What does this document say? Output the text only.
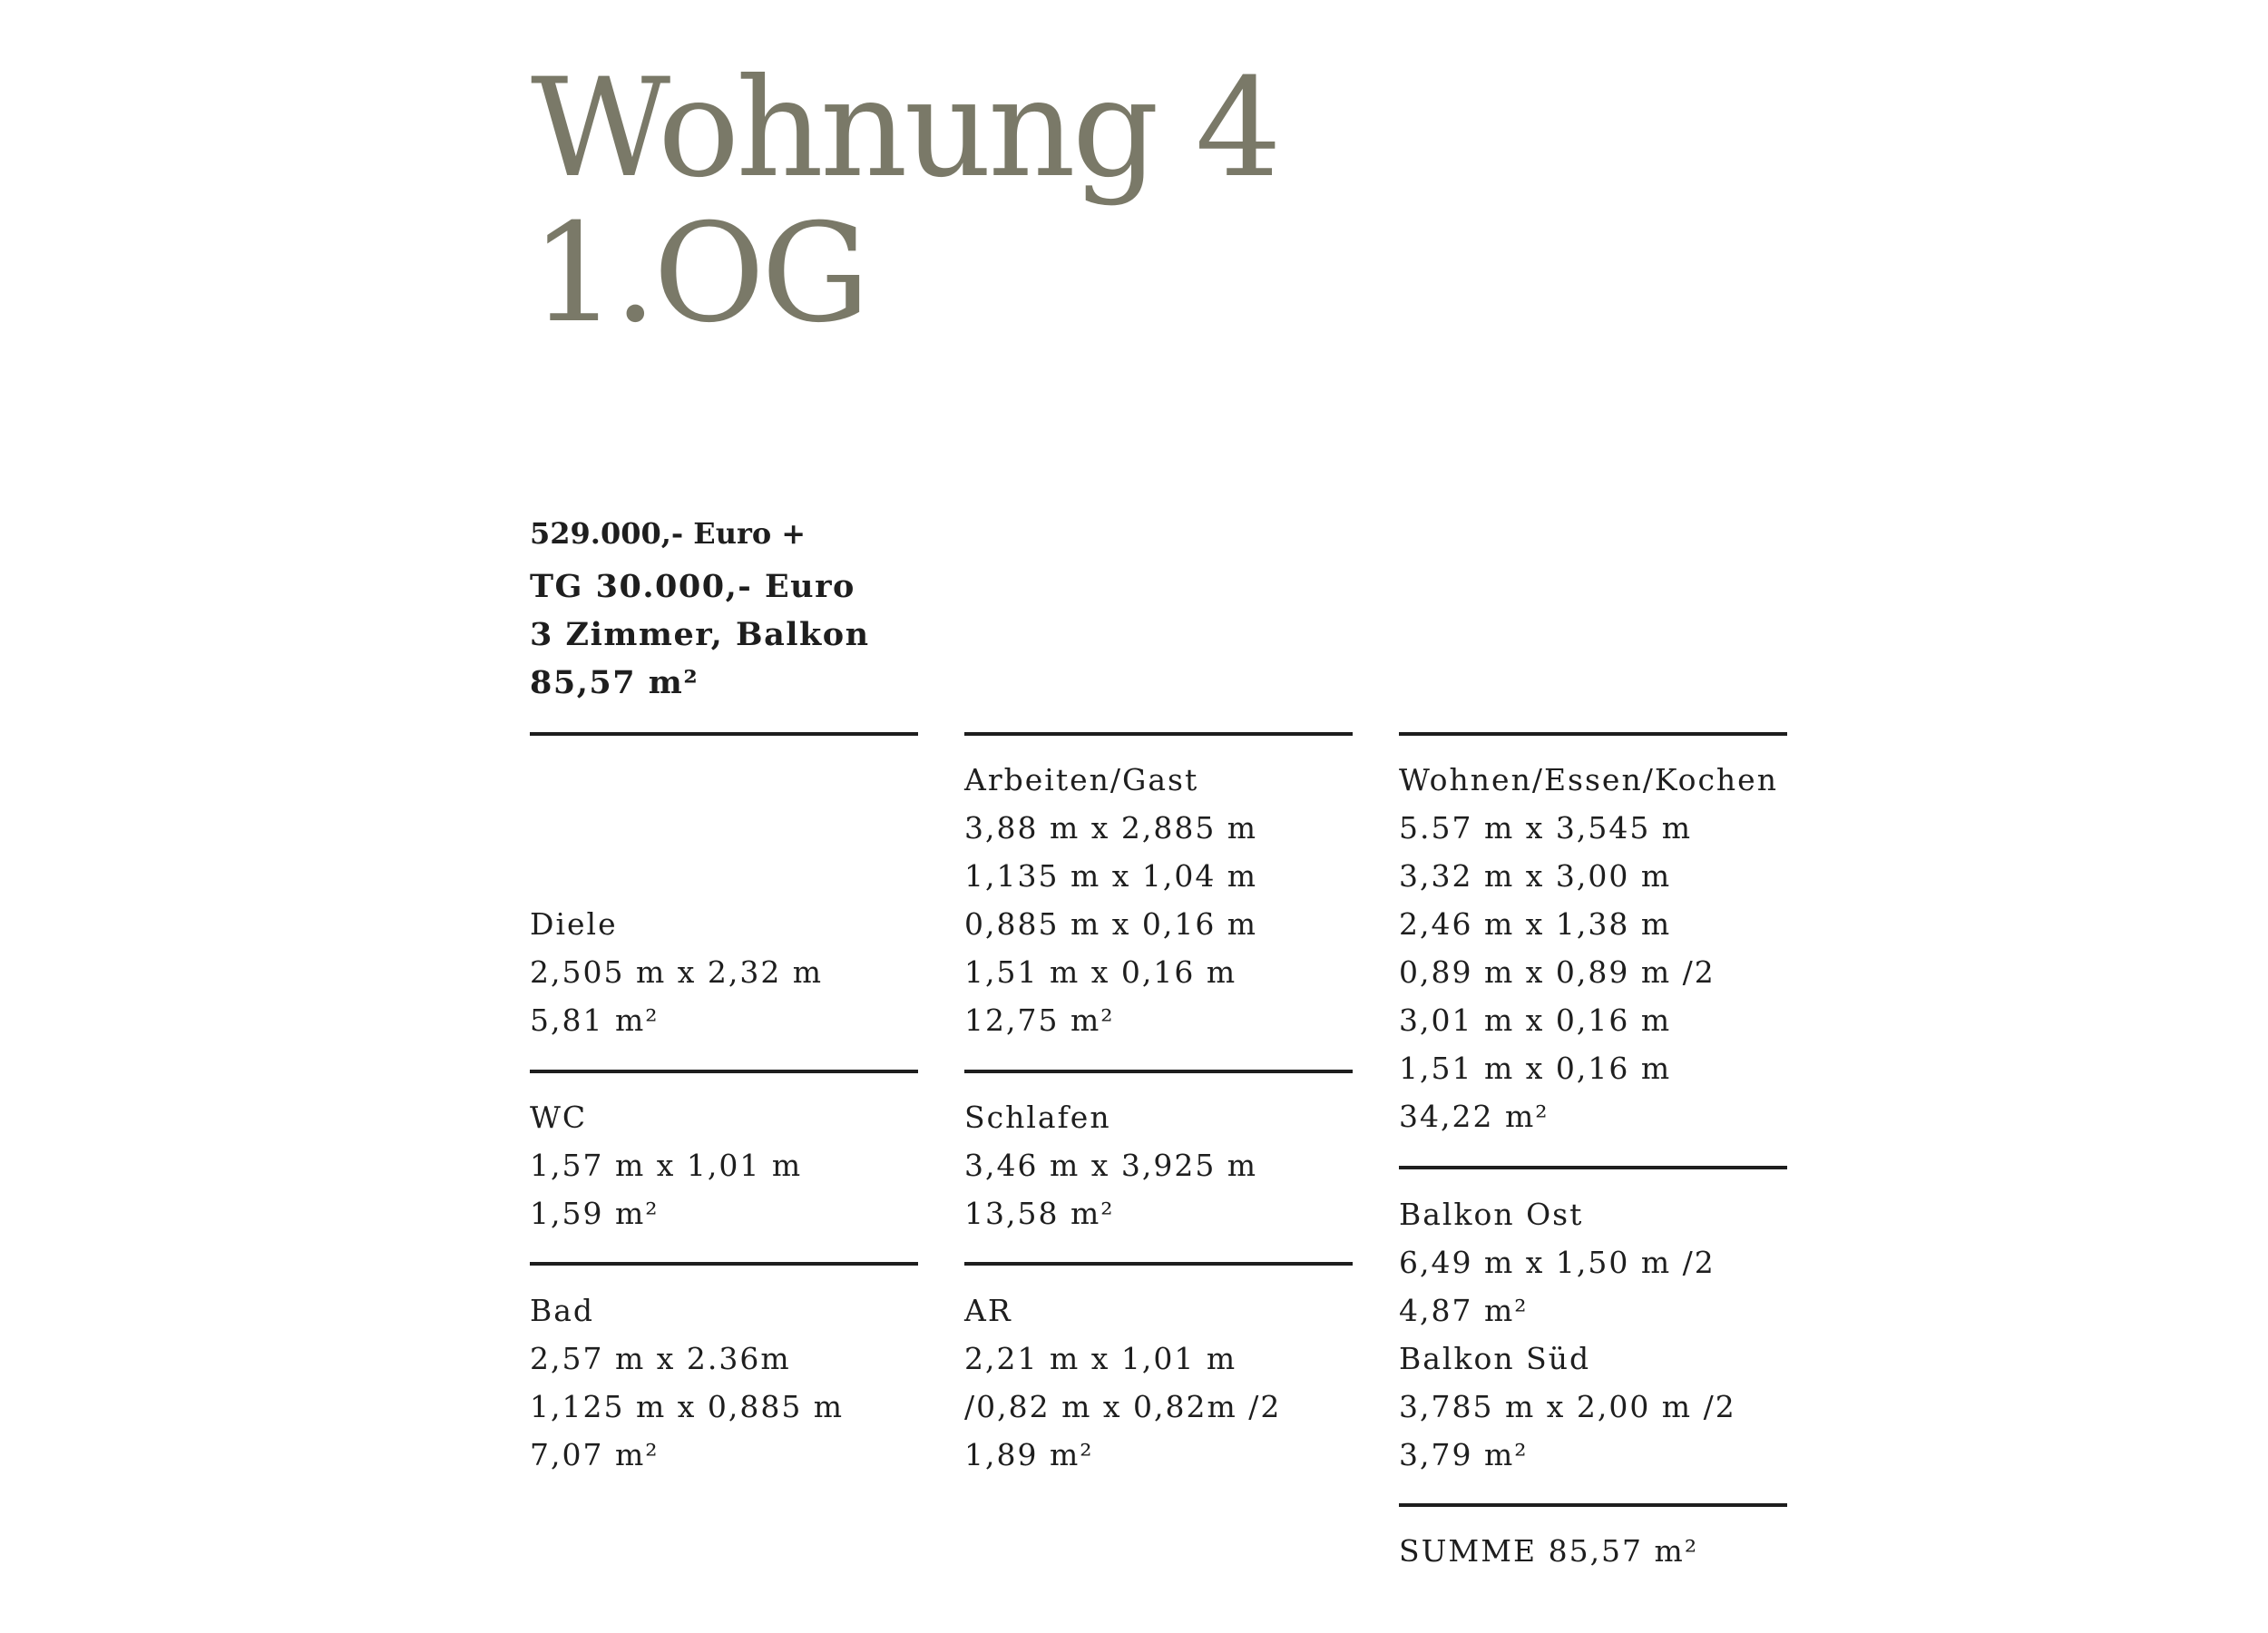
Wohnung 4
1.OG
529.000,- Euro +
TG 30.000,- Euro
3 Zimmer, Balkon
85,57 m²
Diele
2,505 m x 2,32 m
5,81 m²
WC
1,57 m x 1,01 m
1,59 m²
Bad
2,57 m x 2.36m
1,125 m x 0,885 m
7,07 m²
Arbeiten/Gast
3,88 m x 2,885 m
1,135 m x 1,04 m
0,885 m x 0,16 m
1,51 m x 0,16 m
12,75 m²
Schlafen
3,46 m x 3,925 m
13,58 m²
AR
2,21 m x 1,01 m
/0,82 m x 0,82m /2
1,89 m²
Wohnen/Essen/Kochen
5.57 m x 3,545 m
3,32 m x 3,00 m
2,46 m x 1,38 m
0,89 m x 0,89 m /2
3,01 m x 0,16 m
1,51 m x 0,16 m
34,22 m²
Balkon Ost
6,49 m x 1,50 m /2
4,87 m²
Balkon Süd
3,785 m x 2,00 m /2
3,79 m²
SUMME 85,57 m²
